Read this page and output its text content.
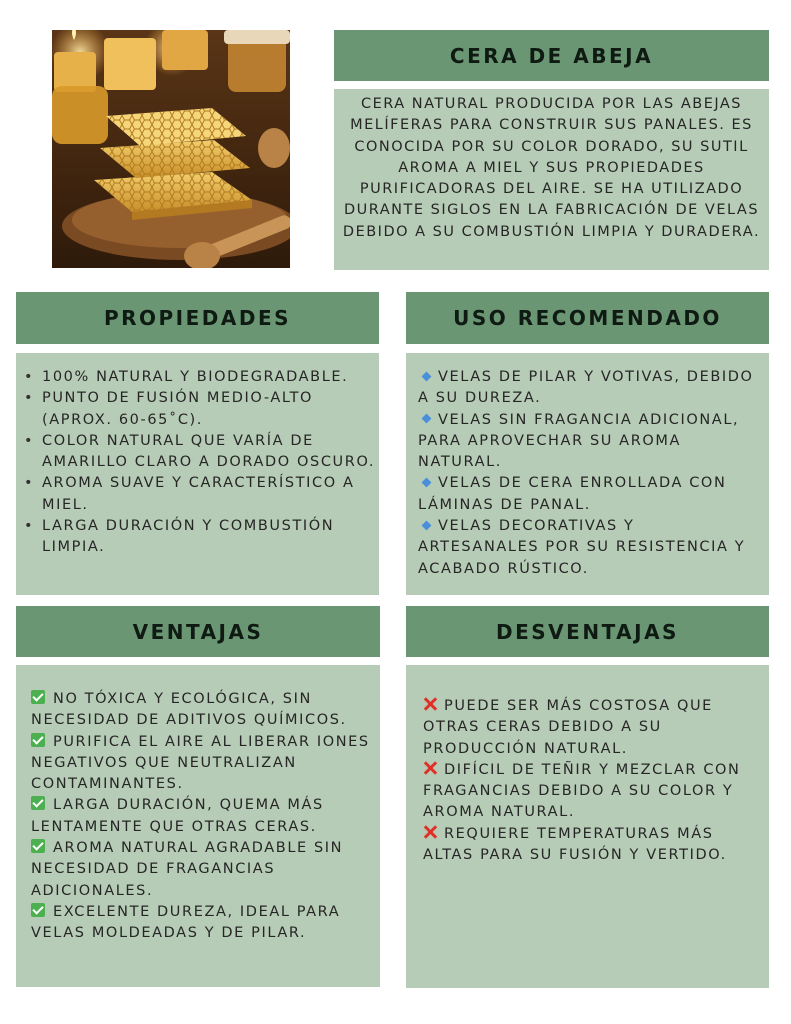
CERA DE ABEJA
CERA NATURAL PRODUCIDA POR LAS ABEJAS MELÍFERAS PARA CONSTRUIR SUS PANALES. ES CONOCIDA POR SU COLOR DORADO, SU SUTIL AROMA A MIEL Y SUS PROPIEDADES PURIFICADORAS DEL AIRE. SE HA UTILIZADO DURANTE SIGLOS EN LA FABRICACIÓN DE VELAS DEBIDO A SU COMBUSTIÓN LIMPIA Y DURADERA.
PROPIEDADES
• 100% NATURAL Y BIODEGRADABLE.
• PUNTO DE FUSIÓN MEDIO-ALTO (APROX. 60-65˚C).
• COLOR NATURAL QUE VARÍA DE AMARILLO CLARO A DORADO OSCURO.
• AROMA SUAVE Y CARACTERÍSTICO A MIEL.
• LARGA DURACIÓN Y COMBUSTIÓN LIMPIA.
USO RECOMENDADO
VELAS DE PILAR Y VOTIVAS, DEBIDO A SU DUREZA.
VELAS SIN FRAGANCIA ADICIONAL, PARA APROVECHAR SU AROMA NATURAL.
VELAS DE CERA ENROLLADA CON LÁMINAS DE PANAL.
VELAS DECORATIVAS Y ARTESANALES POR SU RESISTENCIA Y ACABADO RÚSTICO.
VENTAJAS
NO TÓXICA Y ECOLÓGICA, SIN NECESIDAD DE ADITIVOS QUÍMICOS.
PURIFICA EL AIRE AL LIBERAR IONES NEGATIVOS QUE NEUTRALIZAN CONTAMINANTES.
LARGA DURACIÓN, QUEMA MÁS LENTAMENTE QUE OTRAS CERAS.
AROMA NATURAL AGRADABLE SIN NECESIDAD DE FRAGANCIAS ADICIONALES.
EXCELENTE DUREZA, IDEAL PARA VELAS MOLDEADAS Y DE PILAR.
DESVENTAJAS
PUEDE SER MÁS COSTOSA QUE OTRAS CERAS DEBIDO A SU PRODUCCIÓN NATURAL.
DIFÍCIL DE TEÑIR Y MEZCLAR CON FRAGANCIAS DEBIDO A SU COLOR Y AROMA NATURAL.
REQUIERE TEMPERATURAS MÁS ALTAS PARA SU FUSIÓN Y VERTIDO.
